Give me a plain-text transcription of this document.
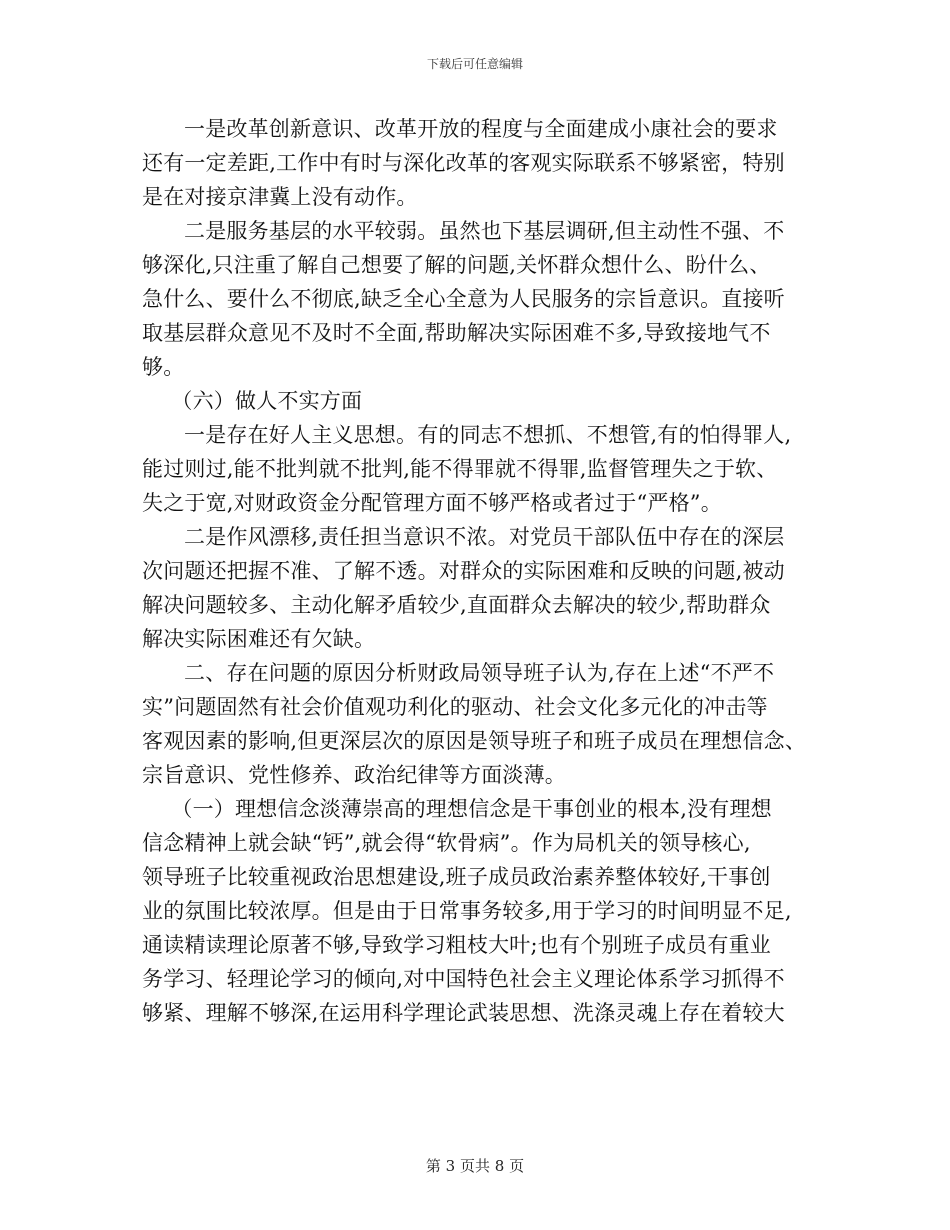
下载后可任意编辑
一是改革创新意识、改革开放的程度与全面建成小康社会的要求
还有一定差距,工作中有时与深化改革的客观实际联系不够紧密，特别
是在对接京津冀上没有动作。
二是服务基层的水平较弱。虽然也下基层调研,但主动性不强、不
够深化,只注重了解自己想要了解的问题,关怀群众想什么、盼什么、
急什么、要什么不彻底,缺乏全心全意为人民服务的宗旨意识。直接听
取基层群众意见不及时不全面,帮助解决实际困难不多,导致接地气不
够。
（六）做人不实方面
一是存在好人主义思想。有的同志不想抓、不想管,有的怕得罪人,
能过则过,能不批判就不批判,能不得罪就不得罪,监督管理失之于软、
失之于宽,对财政资金分配管理方面不够严格或者过于“严格”。
二是作风漂移,责任担当意识不浓。对党员干部队伍中存在的深层
次问题还把握不准、了解不透。对群众的实际困难和反映的问题,被动
解决问题较多、主动化解矛盾较少,直面群众去解决的较少,帮助群众
解决实际困难还有欠缺。
二、存在问题的原因分析财政局领导班子认为,存在上述“不严不
实”问题固然有社会价值观功利化的驱动、社会文化多元化的冲击等
客观因素的影响,但更深层次的原因是领导班子和班子成员在理想信念、
宗旨意识、党性修养、政治纪律等方面淡薄。
（一）理想信念淡薄崇高的理想信念是干事创业的根本,没有理想
信念精神上就会缺“钙”,就会得“软骨病”。作为局机关的领导核心,
领导班子比较重视政治思想建设,班子成员政治素养整体较好,干事创
业的氛围比较浓厚。但是由于日常事务较多,用于学习的时间明显不足,
通读精读理论原著不够,导致学习粗枝大叶;也有个别班子成员有重业
务学习、轻理论学习的倾向,对中国特色社会主义理论体系学习抓得不
够紧、理解不够深,在运用科学理论武装思想、洗涤灵魂上存在着较大
第 3 页共 8 页
